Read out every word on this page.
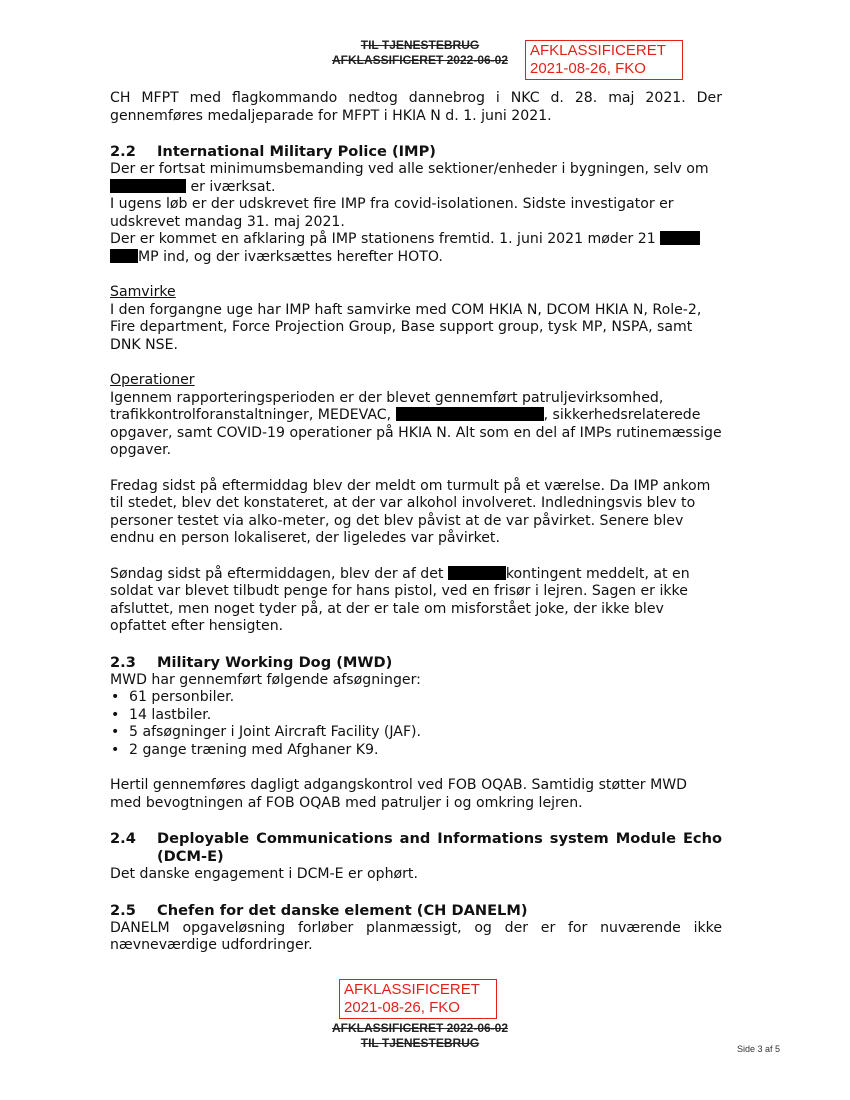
TIL TJENESTEBRUG
AFKLASSIFICERET 2022-06-02
AFKLASSIFICERET
2021-08-26, FKO

CH MFPT med flagkommando nedtog dannebrog i NKC d. 28. maj 2021. Der gennemføres medaljeparade for MFPT i HKIA N d. 1. juni 2021.

2.2	International Military Police (IMP)

Der er fortsat minimumsbemanding ved alle sektioner/enheder i bygningen, selv om  er iværksat.

I ugens løb er der udskrevet fire IMP fra covid-isolationen. Sidste investigator er udskrevet mandag 31. maj 2021.

Der er kommet en afklaring på IMP stationens fremtid. 1. juni 2021 møder 21  MP ind, og der iværksættes herefter HOTO.

Samvirke

I den forgangne uge har IMP haft samvirke med COM HKIA N, DCOM HKIA N, Role-2, Fire department, Force Projection Group, Base support group, tysk MP, NSPA, samt DNK NSE.

Operationer

Igennem rapporteringsperioden er der blevet gennemført patruljevirksomhed, trafikkontrolforanstaltninger, MEDEVAC,	, sikkerhedsrelaterede opgaver, samt COVID-19 operationer på HKIA N. Alt som en del af IMPs rutinemæssige opgaver.

Fredag sidst på eftermiddag blev der meldt om turmult på et værelse. Da IMP ankom til stedet, blev det konstateret, at der var alkohol involveret. Indledningsvis blev to personer testet via alko-meter, og det blev påvist at de var påvirket. Senere blev endnu en person lokaliseret, der ligeledes var påvirket.

Søndag sidst på eftermiddagen, blev der af det	kontingent meddelt, at en soldat var blevet tilbudt penge for hans pistol, ved en frisør i lejren. Sagen er ikke afsluttet, men noget tyder på, at der er tale om misforstået joke, der ikke blev opfattet efter hensigten.

2.3	Military Working Dog (MWD)

MWD har gennemført følgende afsøgninger:

• 61 personbiler.
• 14 lastbiler.
• 5 afsøgninger i Joint Aircraft Facility (JAF).
• 2 gange træning med Afghaner K9.

Hertil gennemføres dagligt adgangskontrol ved FOB OQAB. Samtidig støtter MWD med bevogtningen af FOB OQAB med patruljer i og omkring lejren.

2.4	Deployable Communications and Informations system Module Echo (DCM-E)

Det danske engagement i DCM-E er ophørt.

2.5	Chefen for det danske element (CH DANELM)

DANELM opgaveløsning forløber planmæssigt, og der er for nuværende ikke nævneværdige udfordringer.

AFKLASSIFICERET
2021-08-26, FKO
AFKLASSIFICERET 2022-06-02
TIL TJENESTEBRUG	Side 3 af 5
